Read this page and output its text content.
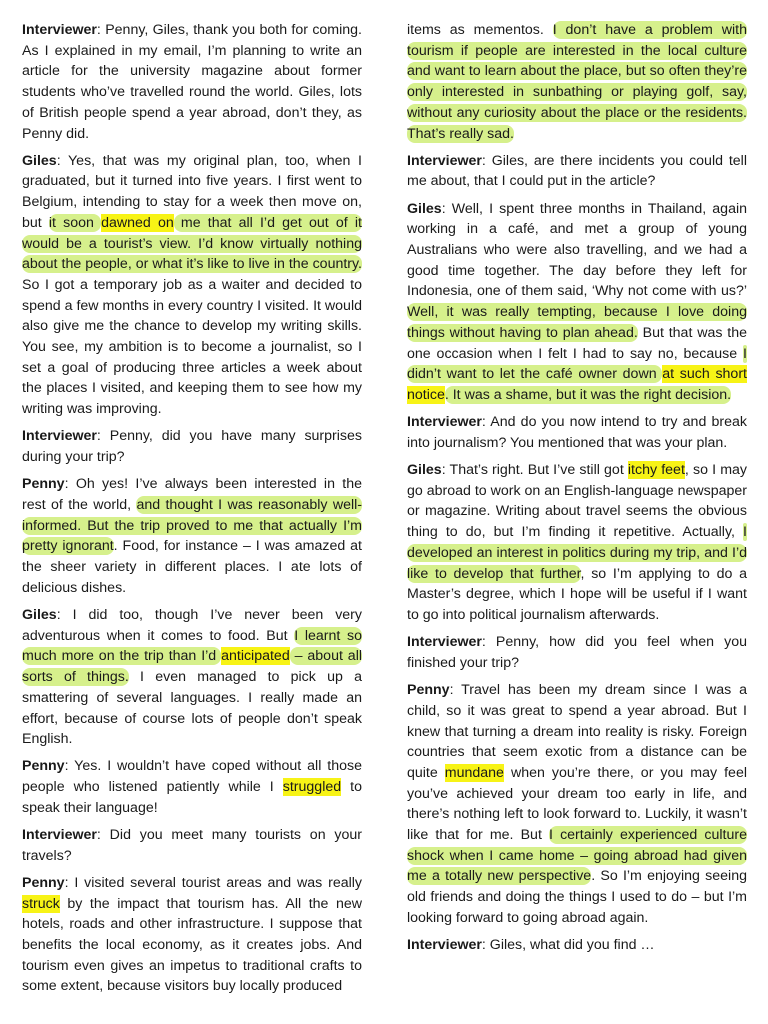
Interviewer: Penny, Giles, thank you both for coming. As I explained in my email, I’m planning to write an article for the university magazine about former students who’ve travelled round the world. Giles, lots of British people spend a year abroad, don’t they, as Penny did.

Giles: Yes, that was my original plan, too, when I graduated, but it turned into five years. I first went to Belgium, intending to stay for a week then move on, but it soon dawned on me that all I’d get out of it would be a tourist’s view. I’d know virtually nothing about the people, or what it’s like to live in the country. So I got a temporary job as a waiter and decided to spend a few months in every country I visited. It would also give me the chance to develop my writing skills. You see, my ambition is to become a journalist, so I set a goal of producing three articles a week about the places I visited, and keeping them to see how my writing was improving.

Interviewer: Penny, did you have many surprises during your trip?

Penny: Oh yes! I’ve always been interested in the rest of the world, and thought I was reasonably well-informed. But the trip proved to me that actually I’m pretty ignorant. Food, for instance – I was amazed at the sheer variety in different places. I ate lots of delicious dishes.

Giles: I did too, though I’ve never been very adventurous when it comes to food. But I learnt so much more on the trip than I’d anticipated – about all sorts of things. I even managed to pick up a smattering of several languages. I really made an effort, because of course lots of people don’t speak English.

Penny: Yes. I wouldn’t have coped without all those people who listened patiently while I struggled to speak their language!

Interviewer: Did you meet many tourists on your travels?

Penny: I visited several tourist areas and was really struck by the impact that tourism has. All the new hotels, roads and other infrastructure. I suppose that benefits the local economy, as it creates jobs. And tourism even gives an impetus to traditional crafts to some extent, because visitors buy locally produced

items as mementos. I don’t have a problem with tourism if people are interested in the local culture and want to learn about the place, but so often they’re only interested in sunbathing or playing golf, say, without any curiosity about the place or the residents. That’s really sad.

Interviewer: Giles, are there incidents you could tell me about, that I could put in the article?

Giles: Well, I spent three months in Thailand, again working in a café, and met a group of young Australians who were also travelling, and we had a good time together. The day before they left for Indonesia, one of them said, ‘Why not come with us?’ Well, it was really tempting, because I love doing things without having to plan ahead. But that was the one occasion when I felt I had to say no, because I didn’t want to let the café owner down at such short notice. It was a shame, but it was the right decision.

Interviewer: And do you now intend to try and break into journalism? You mentioned that was your plan.

Giles: That’s right. But I’ve still got itchy feet, so I may go abroad to work on an English-language newspaper or magazine. Writing about travel seems the obvious thing to do, but I’m finding it repetitive. Actually, I developed an interest in politics during my trip, and I’d like to develop that further, so I’m applying to do a Master’s degree, which I hope will be useful if I want to go into political journalism afterwards.

Interviewer: Penny, how did you feel when you finished your trip?

Penny: Travel has been my dream since I was a child, so it was great to spend a year abroad. But I knew that turning a dream into reality is risky. Foreign countries that seem exotic from a distance can be quite mundane when you’re there, or you may feel you’ve achieved your dream too early in life, and there’s nothing left to look forward to. Luckily, it wasn’t like that for me. But I certainly experienced culture shock when I came home – going abroad had given me a totally new perspective. So I’m enjoying seeing old friends and doing the things I used to do – but I’m looking forward to going abroad again.

Interviewer: Giles, what did you find …
